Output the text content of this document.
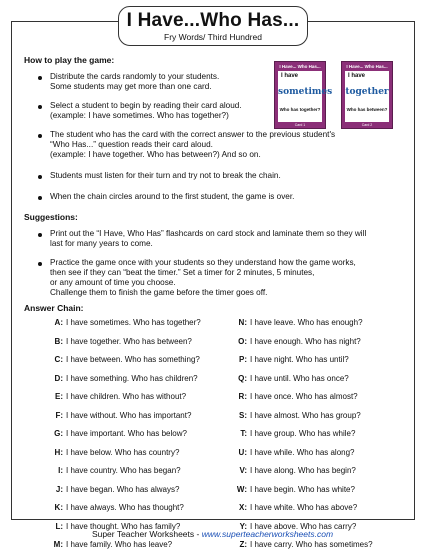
I Have...Who Has...
Fry Words/ Third Hundred
How to play the game:
Distribute the cards randomly to your students.
Some students may get more than one card.
Select a student to begin by reading their card aloud.
(example: I have sometimes. Who has together?)
The student who has the card with the correct answer to the previous student's
“Who Has...” question reads their card aloud.
(example: I have together. Who has between?) And so on.
Students must listen for their turn and try not to break the chain.
When the chain circles around to the first student, the game is over.
I Have... Who Has...
I have
sometimes
Who has together?
Card 1
I Have... Who Has...
I have
together
Who has between?
Card 2
Suggestions:
Print out the “I Have, Who Has” flashcards on card stock and laminate them so they will
last for many years to come.
Practice the game once with your students so they understand how the game works,
then see if they can “beat the timer.” Set a timer for 2 minutes, 5 minutes,
or any amount of time you choose.
Challenge them to finish the game before the timer goes off.
Answer Chain:
A: I have sometimes. Who has together?
B: I have together. Who has between?
C: I have between. Who has something?
D: I have something. Who has children?
E: I have children. Who has without?
F: I have without. Who has important?
G: I have important. Who has below?
H: I have below. Who has country?
I: I have country. Who has began?
J: I have began. Who has always?
K: I have always. Who has thought?
L: I have thought. Who has family?
M: I have family. Who has leave?
N: I have leave. Who has enough?
O: I have enough. Who has night?
P: I have night. Who has until?
Q: I have until. Who has once?
R: I have once. Who has almost?
S: I have almost. Who has group?
T: I have group. Who has while?
U: I have while. Who has along?
V: I have along. Who has begin?
W: I have begin. Who has white?
X: I have white. Who has above?
Y: I have above. Who has carry?
Z: I have carry. Who has sometimes?
Super Teacher Worksheets - www.superteacherworksheets.com
